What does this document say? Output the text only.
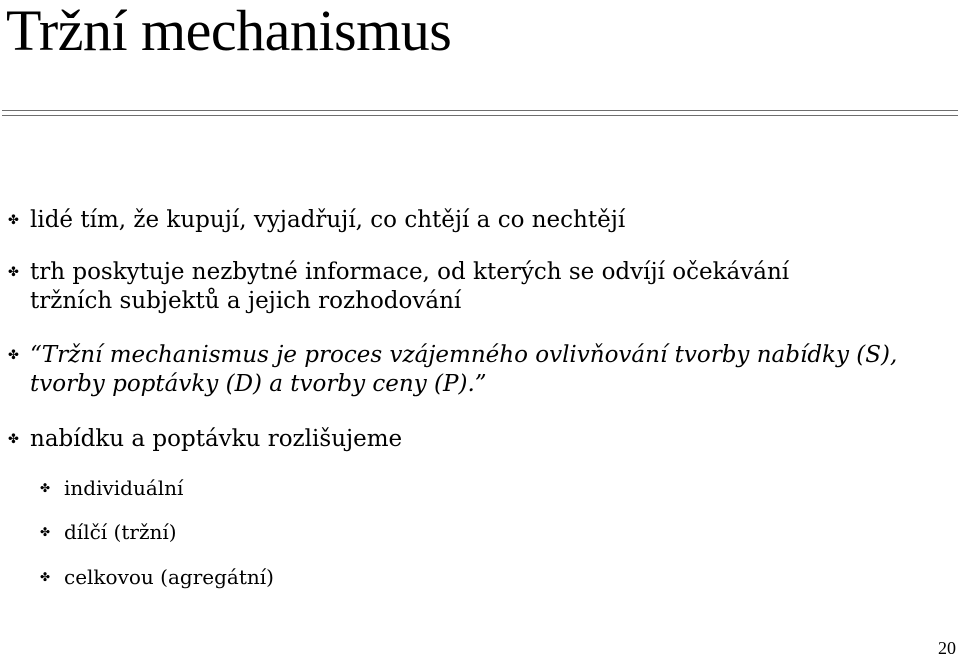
Tržní mechanismus
✤ lidé tím, že kupují, vyjadřují, co chtějí a co nechtějí
✤ trh poskytuje nezbytné informace, od kterých se odvíjí očekávání
tržních subjektů a jejich rozhodování
✤ “Tržní mechanismus je proces vzájemného ovlivňování tvorby nabídky (S),
tvorby poptávky (D) a tvorby ceny (P).”
✤ nabídku a poptávku rozlišujeme
✤ individuální
✤ dílčí (tržní)
✤ celkovou (agregátní)
20
